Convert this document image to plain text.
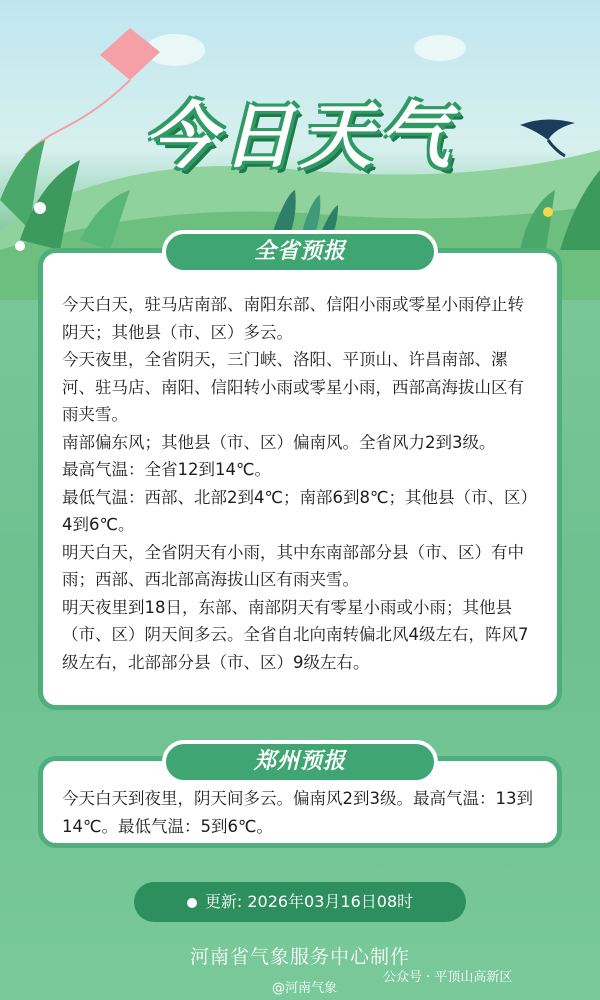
今日天气
全省预报

今天白天，驻马店南部、南阳东部、信阳小雨或零星小雨停止转阴天；其他县（市、区）多云。

今天夜里，全省阴天，三门峡、洛阳、平顶山、许昌南部、漯河、驻马店、南阳、信阳转小雨或零星小雨，西部高海拔山区有雨夹雪。

南部偏东风；其他县（市、区）偏南风。全省风力2到3级。

最高气温：全省12到14℃。

最低气温：西部、北部2到4℃；南部6到8℃；其他县（市、区）4到6℃。

明天白天，全省阴天有小雨，其中东南部部分县（市、区）有中雨；西部、西北部高海拔山区有雨夹雪。

明天夜里到18日，东部、南部阴天有零星小雨或小雨；其他县（市、区）阴天间多云。全省自北向南转偏北风4级左右，阵风7级左右，北部部分县（市、区）9级左右。

郑州预报

今天白天到夜里，阴天间多云。偏南风2到3级。最高气温：13到14℃。最低气温：5到6℃。

更新: 2026年03月16日08时
河南省气象服务中心制作
@河南气象
公众号 · 平顶山高新区
